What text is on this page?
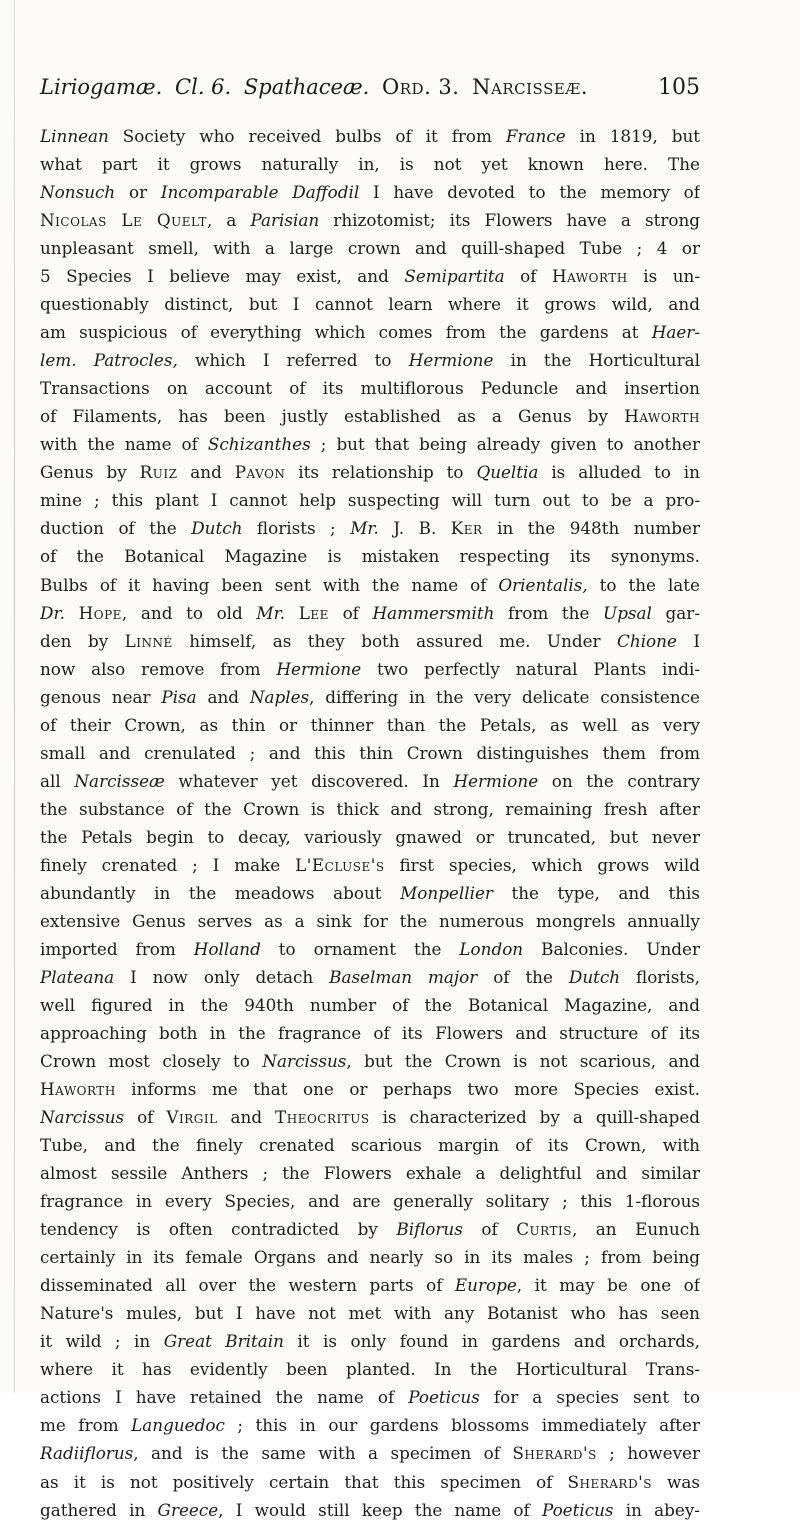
Liriogamæ. Cl. 6. Spathaceæ. Ord. 3. Narcisseæ.	105
Linnean Society who received bulbs of it from France in 1819, but
what part it grows naturally in, is not yet known here. The
Nonsuch or Incomparable Daffodil I have devoted to the memory of
Nicolas Le Quelt, a Parisian rhizotomist; its Flowers have a strong
unpleasant smell, with a large crown and quill-shaped Tube ; 4 or
5 Species I believe may exist, and Semipartita of Haworth is un-
questionably distinct, but I cannot learn where it grows wild, and
am suspicious of everything which comes from the gardens at Haer-
lem. Patrocles, which I referred to Hermione in the Horticultural
Transactions on account of its multiflorous Peduncle and insertion
of Filaments, has been justly established as a Genus by Haworth
with the name of Schizanthes ; but that being already given to another
Genus by Ruiz and Pavon its relationship to Queltia is alluded to in
mine ; this plant I cannot help suspecting will turn out to be a pro-
duction of the Dutch florists ; Mr. J. B. Ker in the 948th number
of the Botanical Magazine is mistaken respecting its synonyms.
Bulbs of it having been sent with the name of Orientalis, to the late
Dr. Hope, and to old Mr. Lee of Hammersmith from the Upsal gar-
den by Linné himself, as they both assured me. Under Chione I
now also remove from Hermione two perfectly natural Plants indi-
genous near Pisa and Naples, differing in the very delicate consistence
of their Crown, as thin or thinner than the Petals, as well as very
small and crenulated ; and this thin Crown distinguishes them from
all Narcisseæ whatever yet discovered. In Hermione on the contrary
the substance of the Crown is thick and strong, remaining fresh after
the Petals begin to decay, variously gnawed or truncated, but never
finely crenated ; I make L'Ecluse's first species, which grows wild
abundantly in the meadows about Monpellier the type, and this
extensive Genus serves as a sink for the numerous mongrels annually
imported from Holland to ornament the London Balconies. Under
Plateana I now only detach Baselman major of the Dutch florists,
well figured in the 940th number of the Botanical Magazine, and
approaching both in the fragrance of its Flowers and structure of its
Crown most closely to Narcissus, but the Crown is not scarious, and
Haworth informs me that one or perhaps two more Species exist.
Narcissus of Virgil and Theocritus is characterized by a quill-shaped
Tube, and the finely crenated scarious margin of its Crown, with
almost sessile Anthers ; the Flowers exhale a delightful and similar
fragrance in every Species, and are generally solitary ; this 1-florous
tendency is often contradicted by Biflorus of Curtis, an Eunuch
certainly in its female Organs and nearly so in its males ; from being
disseminated all over the western parts of Europe, it may be one of
Nature's mules, but I have not met with any Botanist who has seen
it wild ; in Great Britain it is only found in gardens and orchards,
where it has evidently been planted. In the Horticultural Trans-
actions I have retained the name of Poeticus for a species sent to
me from Languedoc ; this in our gardens blossoms immediately after
Radiiflorus, and is the same with a specimen of Sherard's ; however
as it is not positively certain that this specimen of Sherard's was
gathered in Greece, I would still keep the name of Poeticus in abey-
